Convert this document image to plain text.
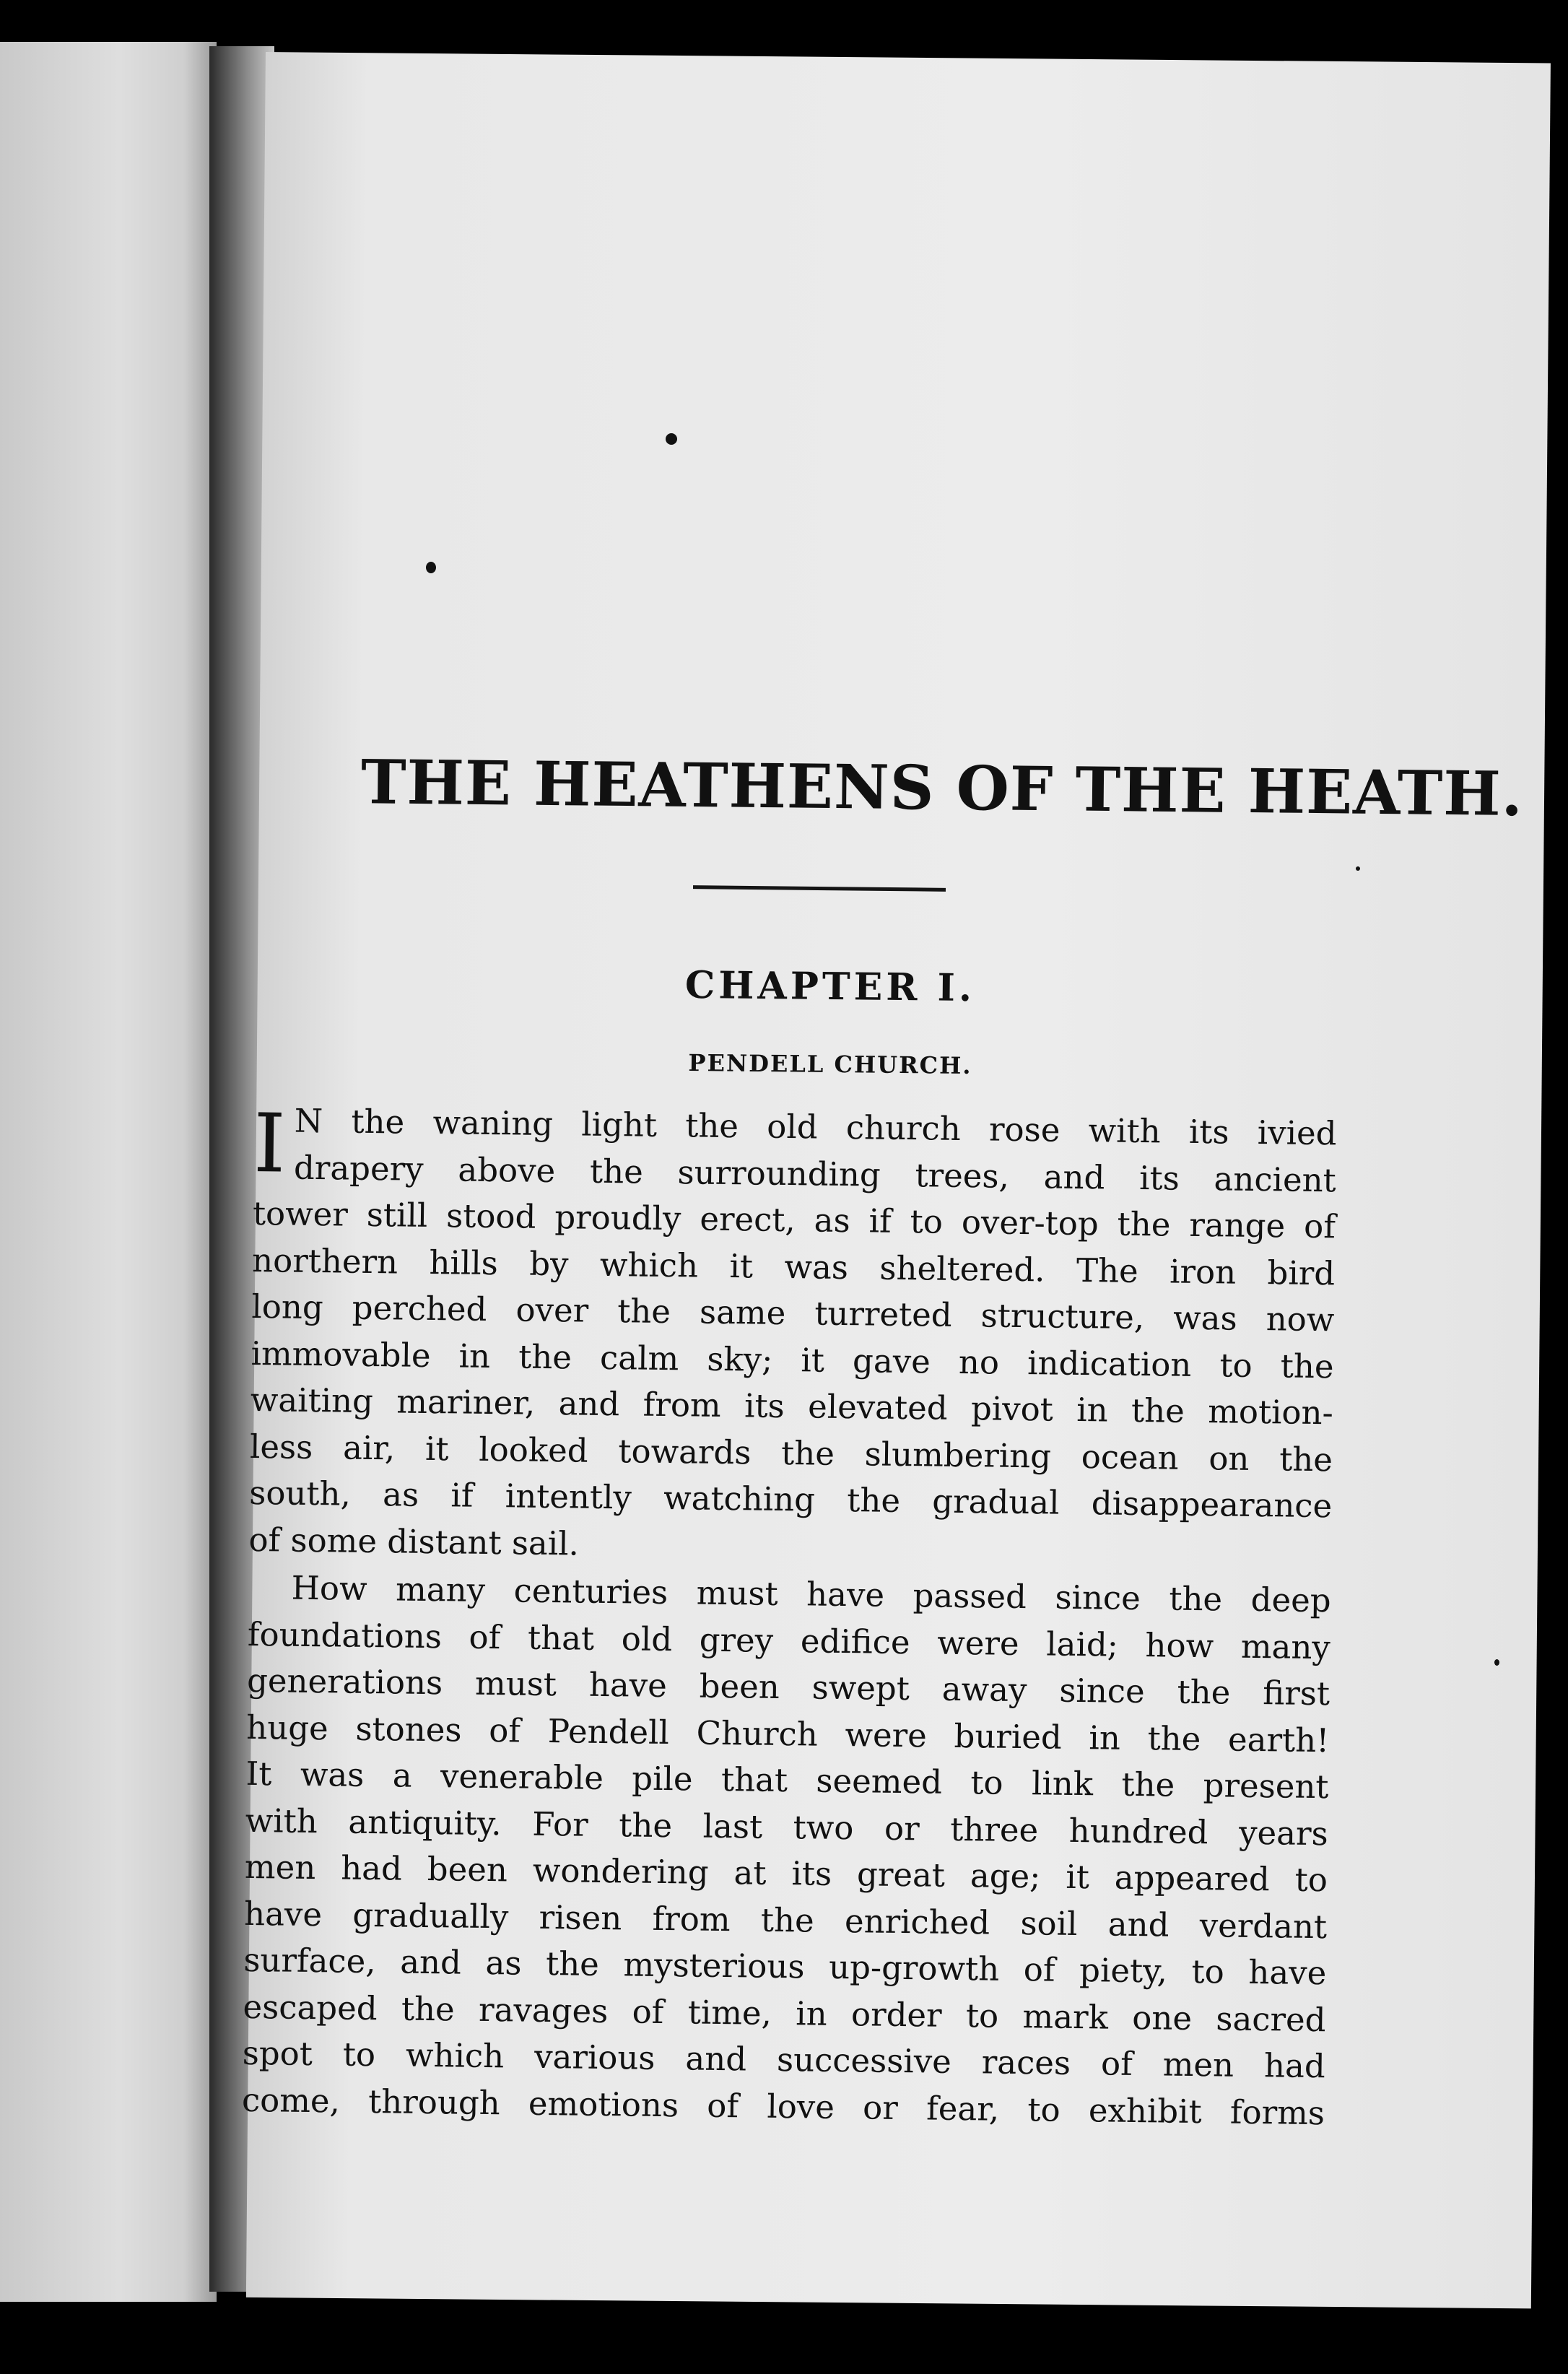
THE HEATHENS OF THE HEATH.
CHAPTER I.
PENDELL CHURCH.
I N the waning light the old church rose with its ivied
drapery above the surrounding trees, and its ancient
tower still stood proudly erect, as if to over-top the range of
northern hills by which it was sheltered. The iron bird
long perched over the same turreted structure, was now
immovable in the calm sky; it gave no indication to the
waiting mariner, and from its elevated pivot in the motion-
less air, it looked towards the slumbering ocean on the
south, as if intently watching the gradual disappearance
of some distant sail.
How many centuries must have passed since the deep
foundations of that old grey edifice were laid; how many
generations must have been swept away since the first
huge stones of Pendell Church were buried in the earth!
It was a venerable pile that seemed to link the present
with antiquity. For the last two or three hundred years
men had been wondering at its great age; it appeared to
have gradually risen from the enriched soil and verdant
surface, and as the mysterious up-growth of piety, to have
escaped the ravages of time, in order to mark one sacred
spot to which various and successive races of men had
come, through emotions of love or fear, to exhibit forms
